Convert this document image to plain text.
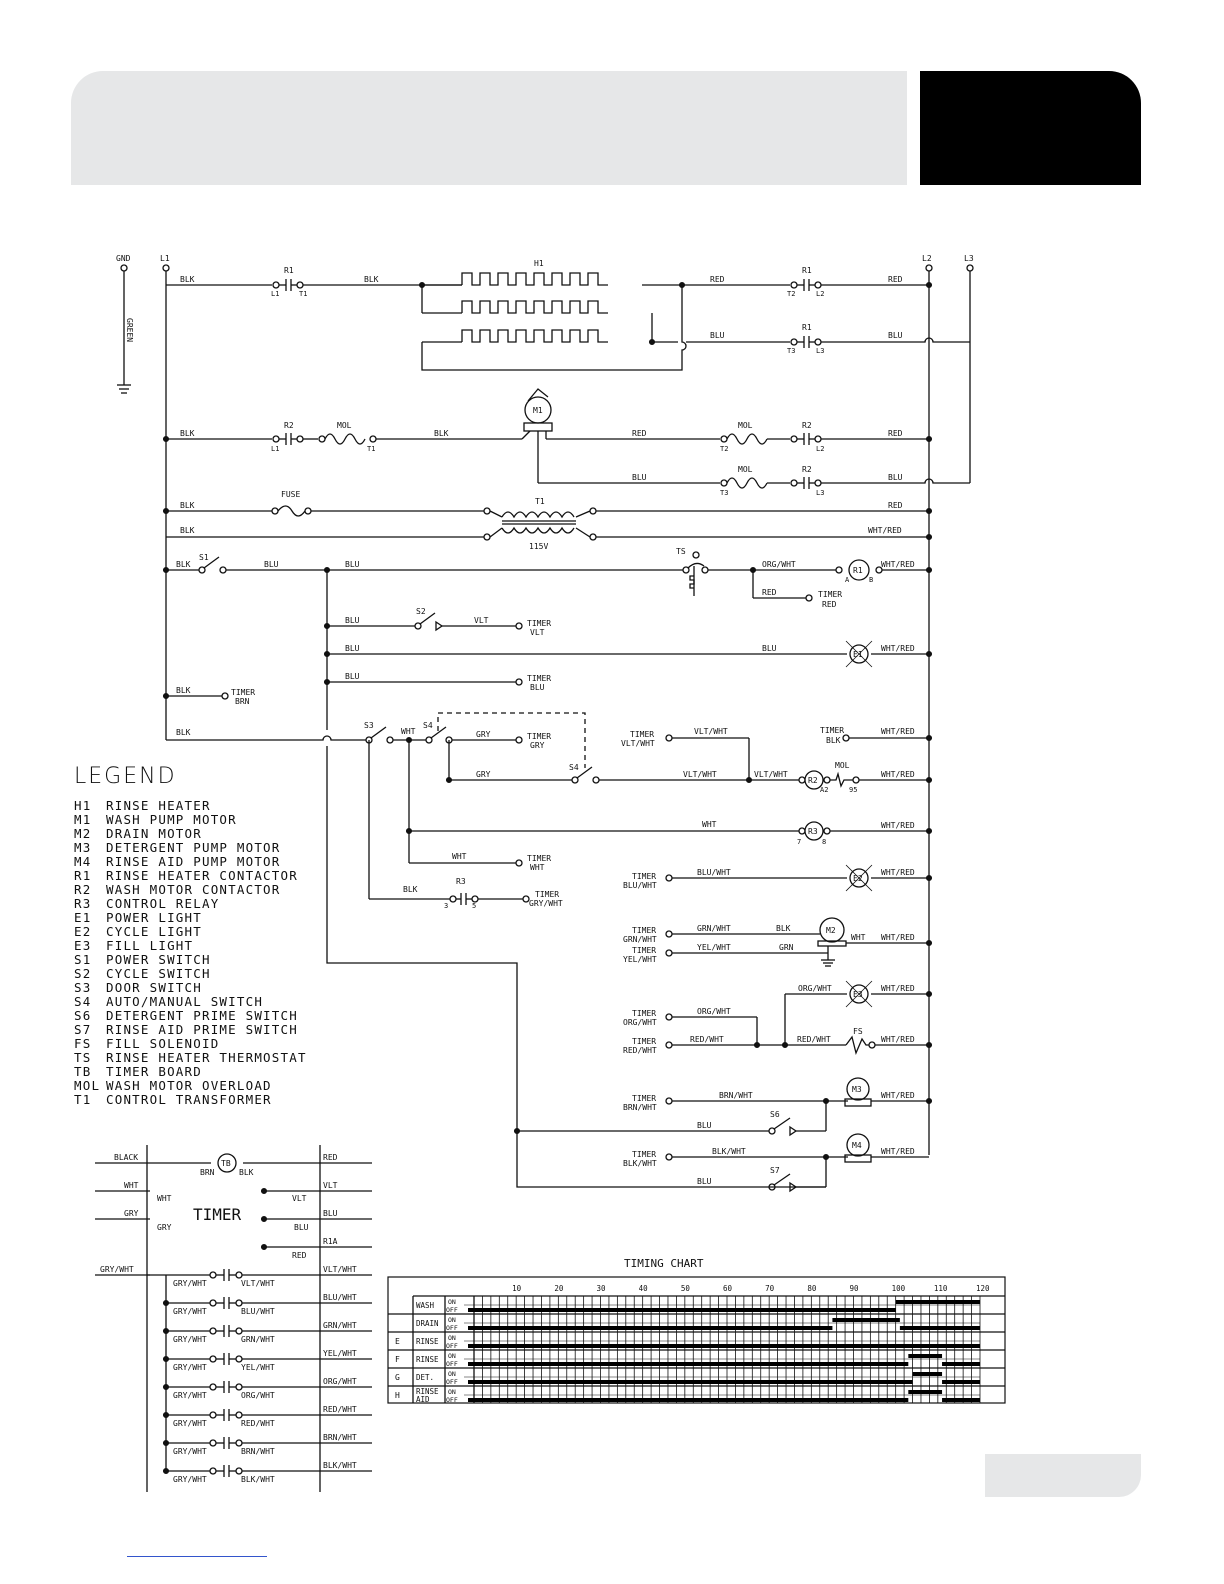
GND
GREEN
L1	L2	L3
BLK
R1
L1	T1
BLK
H1
RED
BLU
R1
T2	L2
RED
R1
T3	L3
BLU
BLK
R2
L1
MOL
T1
BLK
M1
RED
BLU
MOL
T2
R2
L2
RED
MOL
T3
R2
L3
BLU
BLK
FUSE
T1	RED
115V
BLK	WHT/RED
BLK
S1
BLU	BLU
TS
ORG/WHT
RED	TIMER
RED
R1
A	B
WHT/RED
BLU
S2
VLT	TIMER
VLT
BLU	BLU
E1
WHT/RED
BLU	TIMER
BLU
BLK	TIMER
BRN
BLK
S3
WHT
S4
GRY	TIMER
GRY
GRY
S4
VLT/WHT	VLT/WHT
VLT/WHT
TIMER
VLT/WHT
TIMER
BLK
WHT/RED
R2
A2
MOL
95
WHT/RED
WHT
R3
7	8
WHT/RED
WHT	TIMER
WHT
BLK
R3
3	5
TIMER
GRY/WHT
TIMER
BLU/WHT
BLU/WHT
E2
WHT/RED
TIMER
GRN/WHT
GRN/WHT	BLK
TIMER
YEL/WHT
YEL/WHT	GRN
M2
WHT WHT/RED
ORG/WHT
E3
WHT/RED
TIMER
ORG/WHT
ORG/WHT
TIMER
RED/WHT
RED/WHT	RED/WHT
FS
WHT/RED
TIMER
BRN/WHT
BRN/WHT
M3
WHT/RED
BLU
S6
TIMER
BLK/WHT
BLK/WHT
M4
WHT/RED
BLU
S7
TB
BLACK
BRN	BLK
RED
WHT
WHT	VLT
VLT
TIMER
GRY
GRY	BLU
BLU
RED
R1A
GRY/WHT
GRY/WHT	VLT/WHT
VLT/WHT
GRY/WHT	BLU/WHT
BLU/WHT
GRY/WHT	GRN/WHT
GRN/WHT
GRY/WHT	YEL/WHT
YEL/WHT
GRY/WHT	ORG/WHT
ORG/WHT
GRY/WHT	RED/WHT
RED/WHT
GRY/WHT	BRN/WHT
BRN/WHT
GRY/WHT	BLK/WHT
BLK/WHT
TIMING CHART
10	20	30	40	50	60	70	80	90	100	110	120
WASH ON
OFF
DRAIN ON
OFF
E RINSE ON
OFF
F RINSE ON
OFF
G DET. ON
OFF
H RINSE
AID
ON
OFF
LEGEND
H1	RINSE HEATER
M1	WASH PUMP MOTOR
M2	DRAIN MOTOR
M3	DETERGENT PUMP MOTOR
M4	RINSE AID PUMP MOTOR
R1	RINSE HEATER CONTACTOR
R2	WASH MOTOR CONTACTOR
R3	CONTROL RELAY
E1	POWER LIGHT
E2	CYCLE LIGHT
E3	FILL LIGHT
S1	POWER SWITCH
S2	CYCLE SWITCH
S3	DOOR SWITCH
S4	AUTO/MANUAL SWITCH
S6	DETERGENT PRIME SWITCH
S7	RINSE AID PRIME SWITCH
FS	FILL SOLENOID
TS	RINSE HEATER THERMOSTAT
TB	TIMER BOARD
MOL WASH MOTOR OVERLOAD
T1	CONTROL TRANSFORMER
